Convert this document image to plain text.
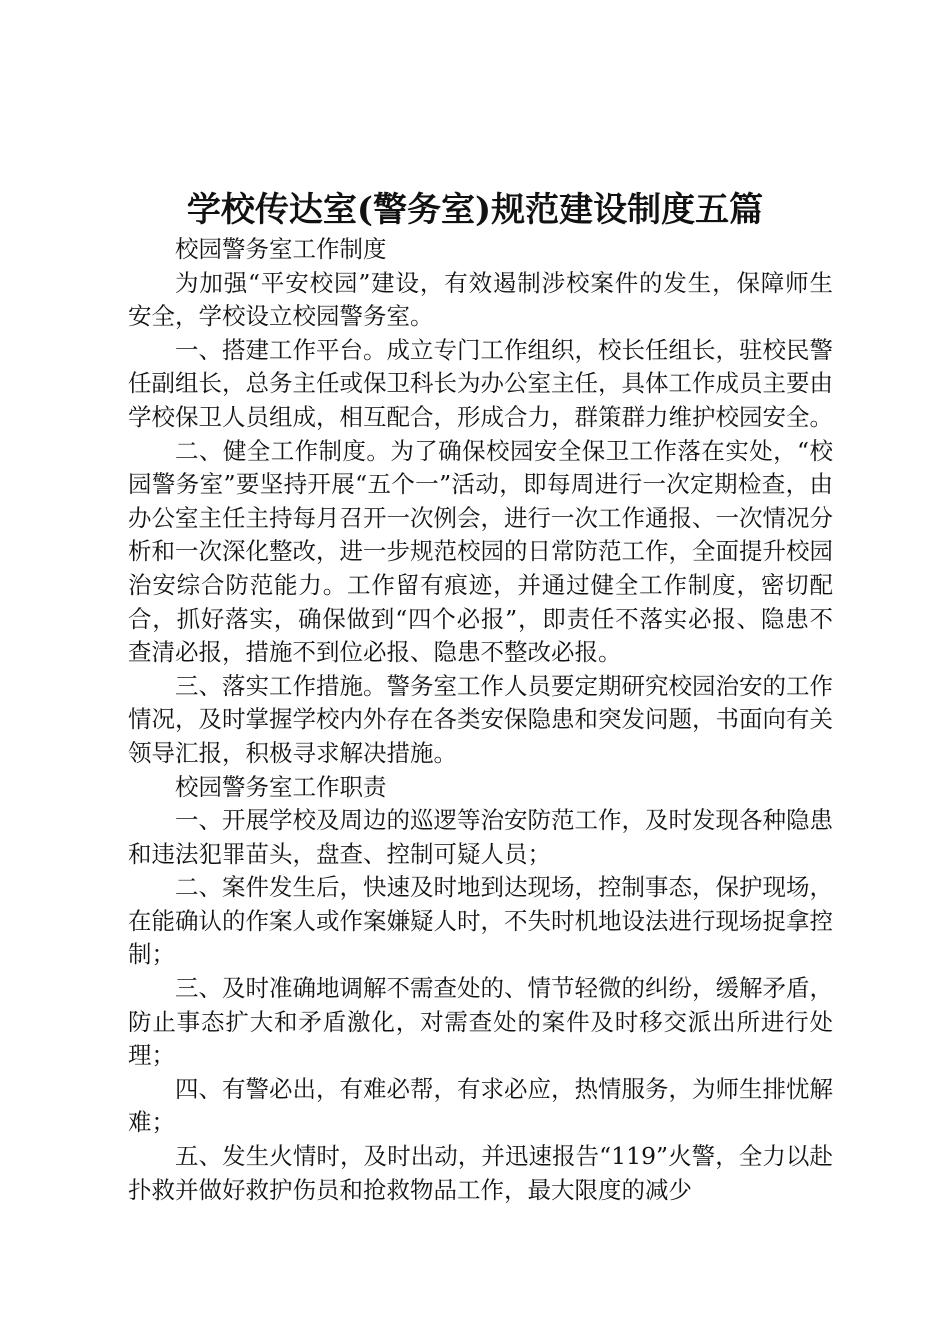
学校传达室(警务室)规范建设制度五篇

校园警务室工作制度

为加强“平安校园”建设，有效遏制涉校案件的发生，保障师生安全，学校设立校园警务室。

一、搭建工作平台。成立专门工作组织，校长任组长，驻校民警任副组长，总务主任或保卫科长为办公室主任，具体工作成员主要由学校保卫人员组成，相互配合，形成合力，群策群力维护校园安全。

二、健全工作制度。为了确保校园安全保卫工作落在实处，“校园警务室”要坚持开展“五个一”活动，即每周进行一次定期检查，由办公室主任主持每月召开一次例会，进行一次工作通报、一次情况分析和一次深化整改，进一步规范校园的日常防范工作，全面提升校园治安综合防范能力。工作留有痕迹，并通过健全工作制度，密切配合，抓好落实，确保做到“四个必报”，即责任不落实必报、隐患不查清必报，措施不到位必报、隐患不整改必报。

三、落实工作措施。警务室工作人员要定期研究校园治安的工作情况，及时掌握学校内外存在各类安保隐患和突发问题，书面向有关领导汇报，积极寻求解决措施。

校园警务室工作职责

一、开展学校及周边的巡逻等治安防范工作，及时发现各种隐患和违法犯罪苗头，盘查、控制可疑人员；

二、案件发生后，快速及时地到达现场，控制事态，保护现场，在能确认的作案人或作案嫌疑人时，不失时机地设法进行现场捉拿控制；

三、及时准确地调解不需查处的、情节轻微的纠纷，缓解矛盾，防止事态扩大和矛盾激化，对需查处的案件及时移交派出所进行处理；

四、有警必出，有难必帮，有求必应，热情服务，为师生排忧解难；

五、发生火情时，及时出动，并迅速报告“119”火警，全力以赴扑救并做好救护伤员和抢救物品工作，最大限度的减少
